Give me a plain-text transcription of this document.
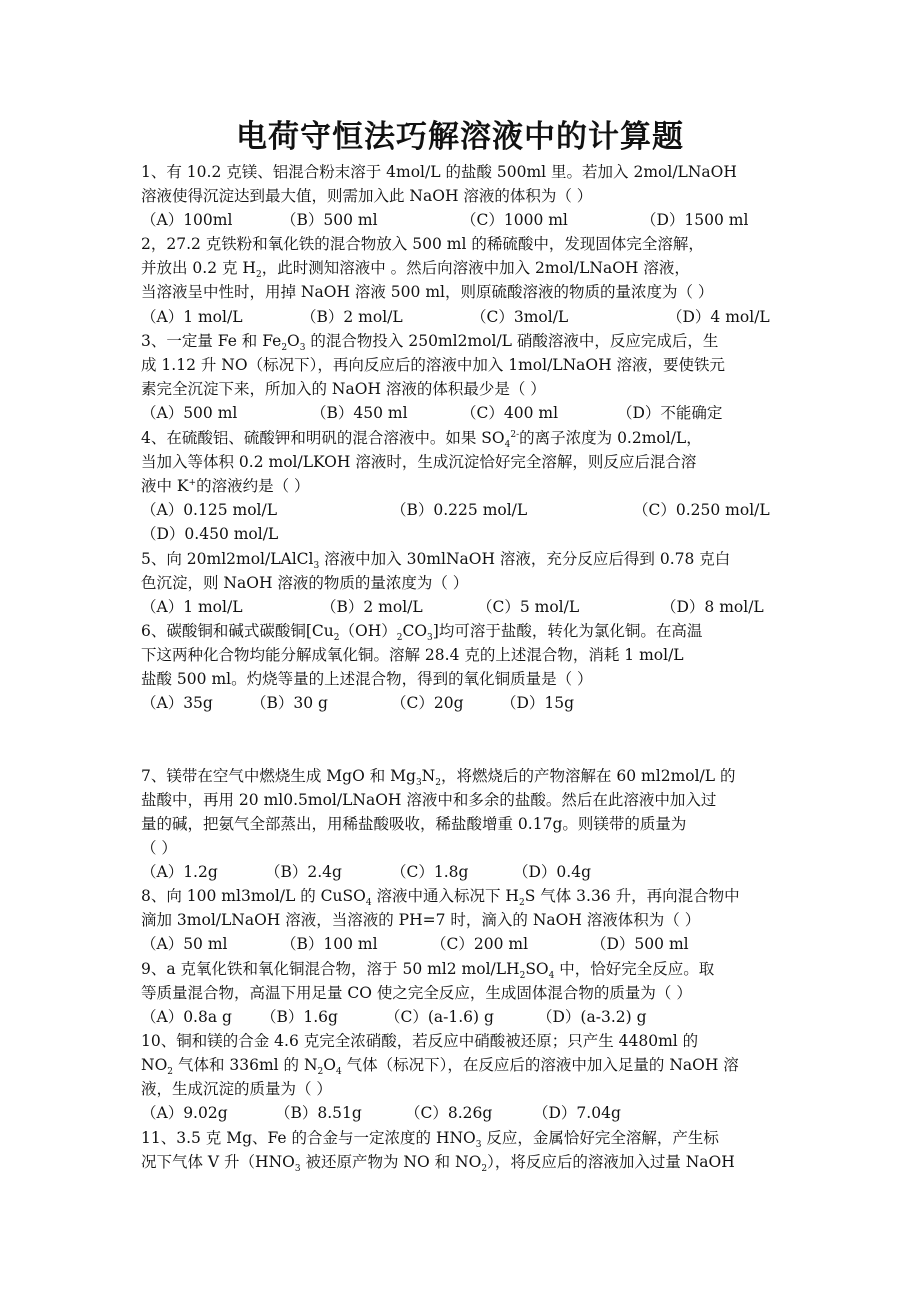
电荷守恒法巧解溶液中的计算题
1、有 10.2 克镁、铝混合粉末溶于 4mol/L 的盐酸 500ml 里。若加入 2mol/LNaOH
溶液使得沉淀达到最大值，则需加入此 NaOH 溶液的体积为（ ）
（A）100ml	（B）500 ml	（C）1000 ml	（D）1500 ml
2，27.2 克铁粉和氧化铁的混合物放入 500 ml 的稀硫酸中，发现固体完全溶解，
并放出 0.2 克 $H_2$，此时测知溶液中 。然后向溶液中加入 2mol/LNaOH 溶液，
当溶液呈中性时，用掉 NaOH 溶液 500 ml，则原硫酸溶液的物质的量浓度为（ ）
（A）1 mol/L	（B）2 mol/L	（C）3mol/L	（D）4 mol/L
3、一定量 Fe 和 $Fe_2O_3$ 的混合物投入 250ml2mol/L 硝酸溶液中，反应完成后，生
成 1.12 升 NO（标况下），再向反应后的溶液中加入 1mol/LNaOH 溶液，要使铁元
素完全沉淀下来，所加入的 NaOH 溶液的体积最少是（ ）
（A）500 ml	（B）450 ml	（C）400 ml	（D）不能确定
4、在硫酸铝、硫酸钾和明矾的混合溶液中。如果 $SO_4^{2-}$的离子浓度为 0.2mol/L，
当加入等体积 0.2 mol/LKOH 溶液时，生成沉淀恰好完全溶解，则反应后混合溶
液中 K+的溶液约是（ ）
（A）0.125 mol/L	（B）0.225 mol/L	（C）0.250 mol/L
（D）0.450 mol/L
5、向 20ml2mol/LAlCl$_3$ 溶液中加入 30mlNaOH 溶液，充分反应后得到 0.78 克白
色沉淀，则 NaOH 溶液的物质的量浓度为（ ）
（A）1 mol/L	（B）2 mol/L	（C）5 mol/L	（D）8 mol/L
6、碳酸铜和碱式碳酸铜$[Cu_2(OH)_2CO_3]$均可溶于盐酸，转化为氯化铜。在高温
下这两种化合物均能分解成氧化铜。溶解 28.4 克的上述混合物，消耗 1 mol/L
盐酸 500 ml。灼烧等量的上述混合物，得到的氧化铜质量是（ ）
（A）35g （B）30 g	（C）20g （D）15g
7、镁带在空气中燃烧生成 MgO 和 $Mg_3N_2$，将燃烧后的产物溶解在 60 ml2mol/L 的
盐酸中，再用 20 ml0.5mol/LNaOH 溶液中和多余的盐酸。然后在此溶液中加入过
量的碱，把氨气全部蒸出，用稀盐酸吸收，稀盐酸增重 0.17g。则镁带的质量为
（ ）
（A）1.2g	（B）2.4g	（C）1.8g	（D）0.4g
8、向 100 ml3mol/L 的 CuSO$_4$ 溶液中通入标况下 $H_2S$ 气体 3.36 升，再向混合物中
滴加 3mol/LNaOH 溶液，当溶液的 PH=7 时，滴入的 NaOH 溶液体积为（ ）
（A）50 ml	（B）100 ml	（C）200 ml	（D）500 ml
9、a 克氧化铁和氧化铜混合物，溶于 50 ml2 mol/$LH_2SO_4$ 中，恰好完全反应。取
等质量混合物，高温下用足量 CO 使之完全反应，生成固体混合物的质量为（ ）
（A）0.8a g （B）1.6g	（C）(a-1.6) g	（D）(a-3.2) g
10、铜和镁的合金 4.6 克完全浓硝酸，若反应中硝酸被还原；只产生 4480ml 的
$NO_2$ 气体和 336ml 的 $N_2O_4$ 气体（标况下），在反应后的溶液中加入足量的 NaOH 溶
液，生成沉淀的质量为（ ）
（A）9.02g	（B）8.51g	（C）8.26g	（D）7.04g
11、3.5 克 Mg、Fe 的合金与一定浓度的 $HNO_3$ 反应，金属恰好完全溶解，产生标
况下气体 V 升（$HNO_3$ 被还原产物为 NO 和 $NO_2$），将反应后的溶液加入过量 NaOH
